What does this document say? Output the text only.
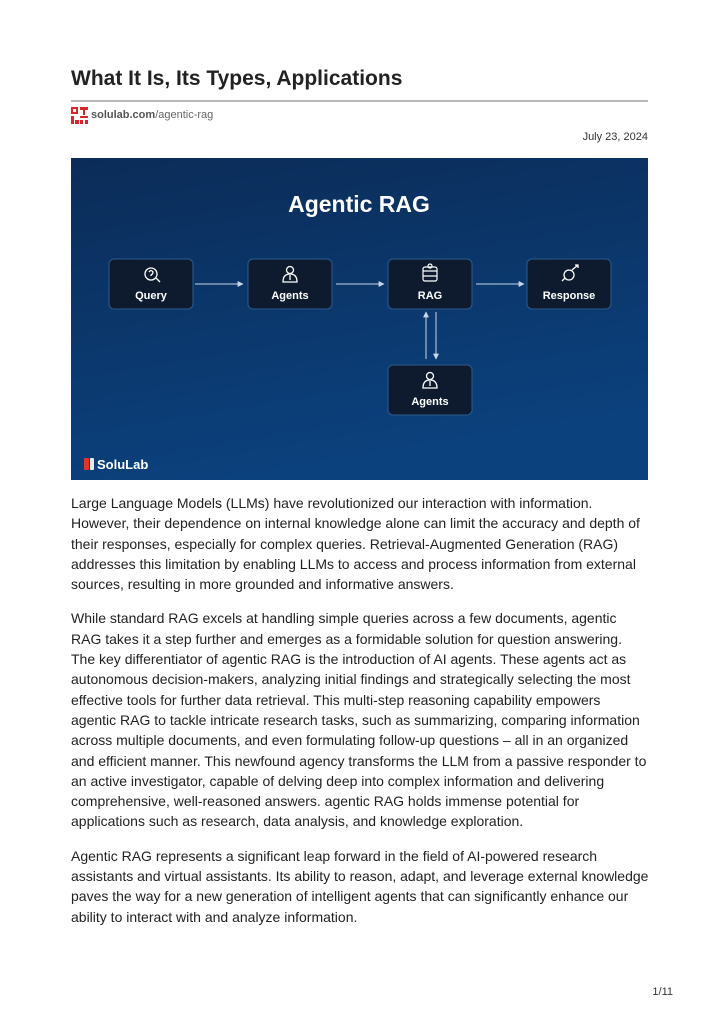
What It Is, Its Types, Applications
solulab.com /agentic-rag
July 23, 2024
Agentic RAG
Query	Agents	RAG	Response
Agents
SoluLab

Large Language Models (LLMs) have revolutionized our interaction with information. However, their dependence on internal knowledge alone can limit the accuracy and depth of their responses, especially for complex queries. Retrieval-Augmented Generation (RAG) addresses this limitation by enabling LLMs to access and process information from external sources, resulting in more grounded and informative answers.

While standard RAG excels at handling simple queries across a few documents, agentic RAG takes it a step further and emerges as a formidable solution for question answering. The key differentiator of agentic RAG is the introduction of AI agents. These agents act as autonomous decision-makers, analyzing initial findings and strategically selecting the most effective tools for further data retrieval. This multi-step reasoning capability empowers agentic RAG to tackle intricate research tasks, such as summarizing, comparing information across multiple documents, and even formulating follow-up questions – all in an organized and efficient manner. This newfound agency transforms the LLM from a passive responder to an active investigator, capable of delving deep into complex information and delivering comprehensive, well-reasoned answers. agentic RAG holds immense potential for applications such as research, data analysis, and knowledge exploration.

Agentic RAG represents a significant leap forward in the field of AI-powered research assistants and virtual assistants. Its ability to reason, adapt, and leverage external knowledge paves the way for a new generation of intelligent agents that can significantly enhance our ability to interact with and analyze information.

1/11
